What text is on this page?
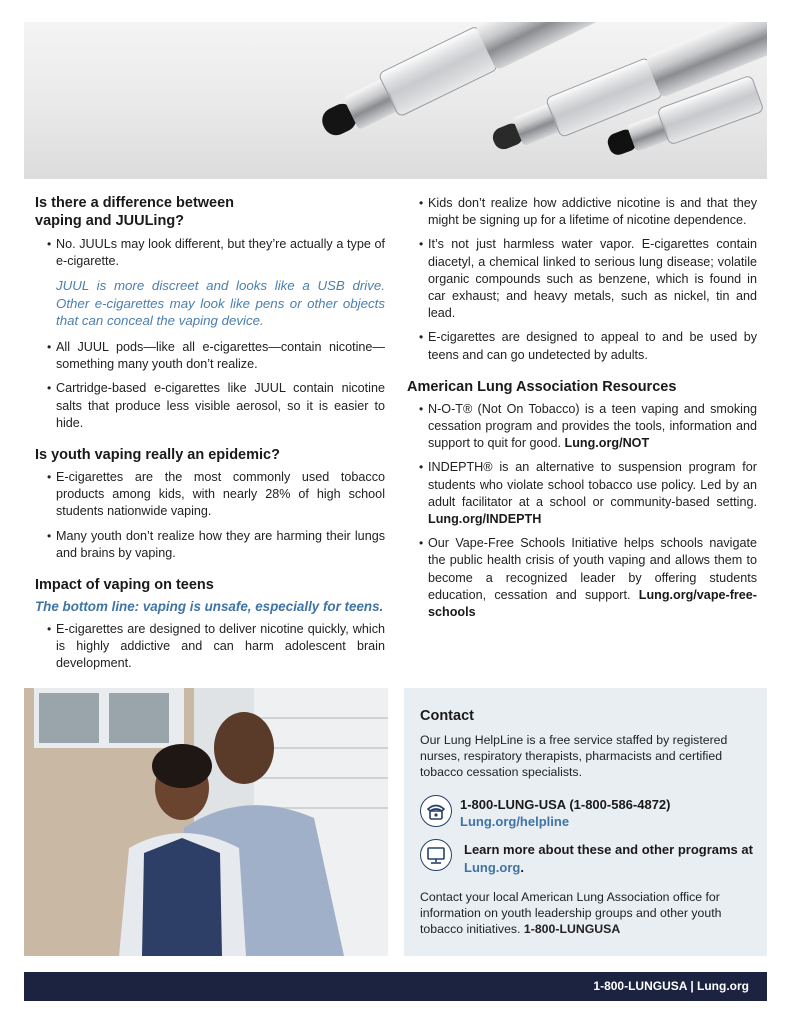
Is there a difference between vaping and JUULing?
• No. JUULs may look different, but they’re actually a type of e-cigarette.
JUUL is more discreet and looks like a USB drive. Other e-cigarettes may look like pens or other objects that can conceal the vaping device.
• All JUUL pods—like all e-cigarettes—contain nicotine—something many youth don’t realize.
• Cartridge-based e-cigarettes like JUUL contain nicotine salts that produce less visible aerosol, so it is easier to hide.
Is youth vaping really an epidemic?
• E-cigarettes are the most commonly used tobacco products among kids, with nearly 28% of high school students nationwide vaping.
• Many youth don’t realize how they are harming their lungs and brains by vaping.
Impact of vaping on teens
The bottom line: vaping is unsafe, especially for teens.
• E-cigarettes are designed to deliver nicotine quickly, which is highly addictive and can harm adolescent brain development.
• Kids don’t realize how addictive nicotine is and that they might be signing up for a lifetime of nicotine dependence.
• It’s not just harmless water vapor. E-cigarettes contain diacetyl, a chemical linked to serious lung disease; volatile organic compounds such as benzene, which is found in car exhaust; and heavy metals, such as nickel, tin and lead.
• E-cigarettes are designed to appeal to and be used by teens and can go undetected by adults.
American Lung Association Resources
• N-O-T® (Not On Tobacco) is a teen vaping and smoking cessation program and provides the tools, information and support to quit for good. Lung.org/NOT
• INDEPTH® is an alternative to suspension program for students who violate school tobacco use policy. Led by an adult facilitator at a school or community-based setting. Lung.org/INDEPTH
• Our Vape-Free Schools Initiative helps schools navigate the public health crisis of youth vaping and allows them to become a recognized leader by offering students education, cessation and support. Lung.org/vape-free-schools
Contact

Our Lung HelpLine is a free service staffed by registered nurses, respiratory therapists, pharmacists and certified tobacco cessation specialists.

1-800-LUNG-USA (1-800-586-4872)
Lung.org/helpline
Learn more about these and other programs at Lung.org.

Contact your local American Lung Association office for information on youth leadership groups and other youth tobacco initiatives. 1-800-LUNGUSA

1-800-LUNGUSA | Lung.org
